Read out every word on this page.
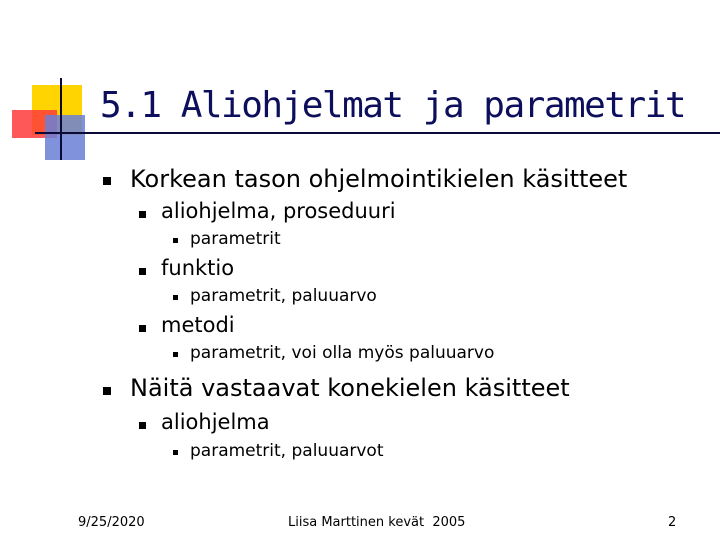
5.1 Aliohjelmat ja parametrit
Korkean tason ohjelmointikielen käsitteet
aliohjelma, proseduuri
parametrit
funktio
parametrit, paluuarvo
metodi
parametrit, voi olla myös paluuarvo
Näitä vastaavat konekielen käsitteet
aliohjelma
parametrit, paluuarvot
9/25/2020	Liisa Marttinen kevät  2005	2
